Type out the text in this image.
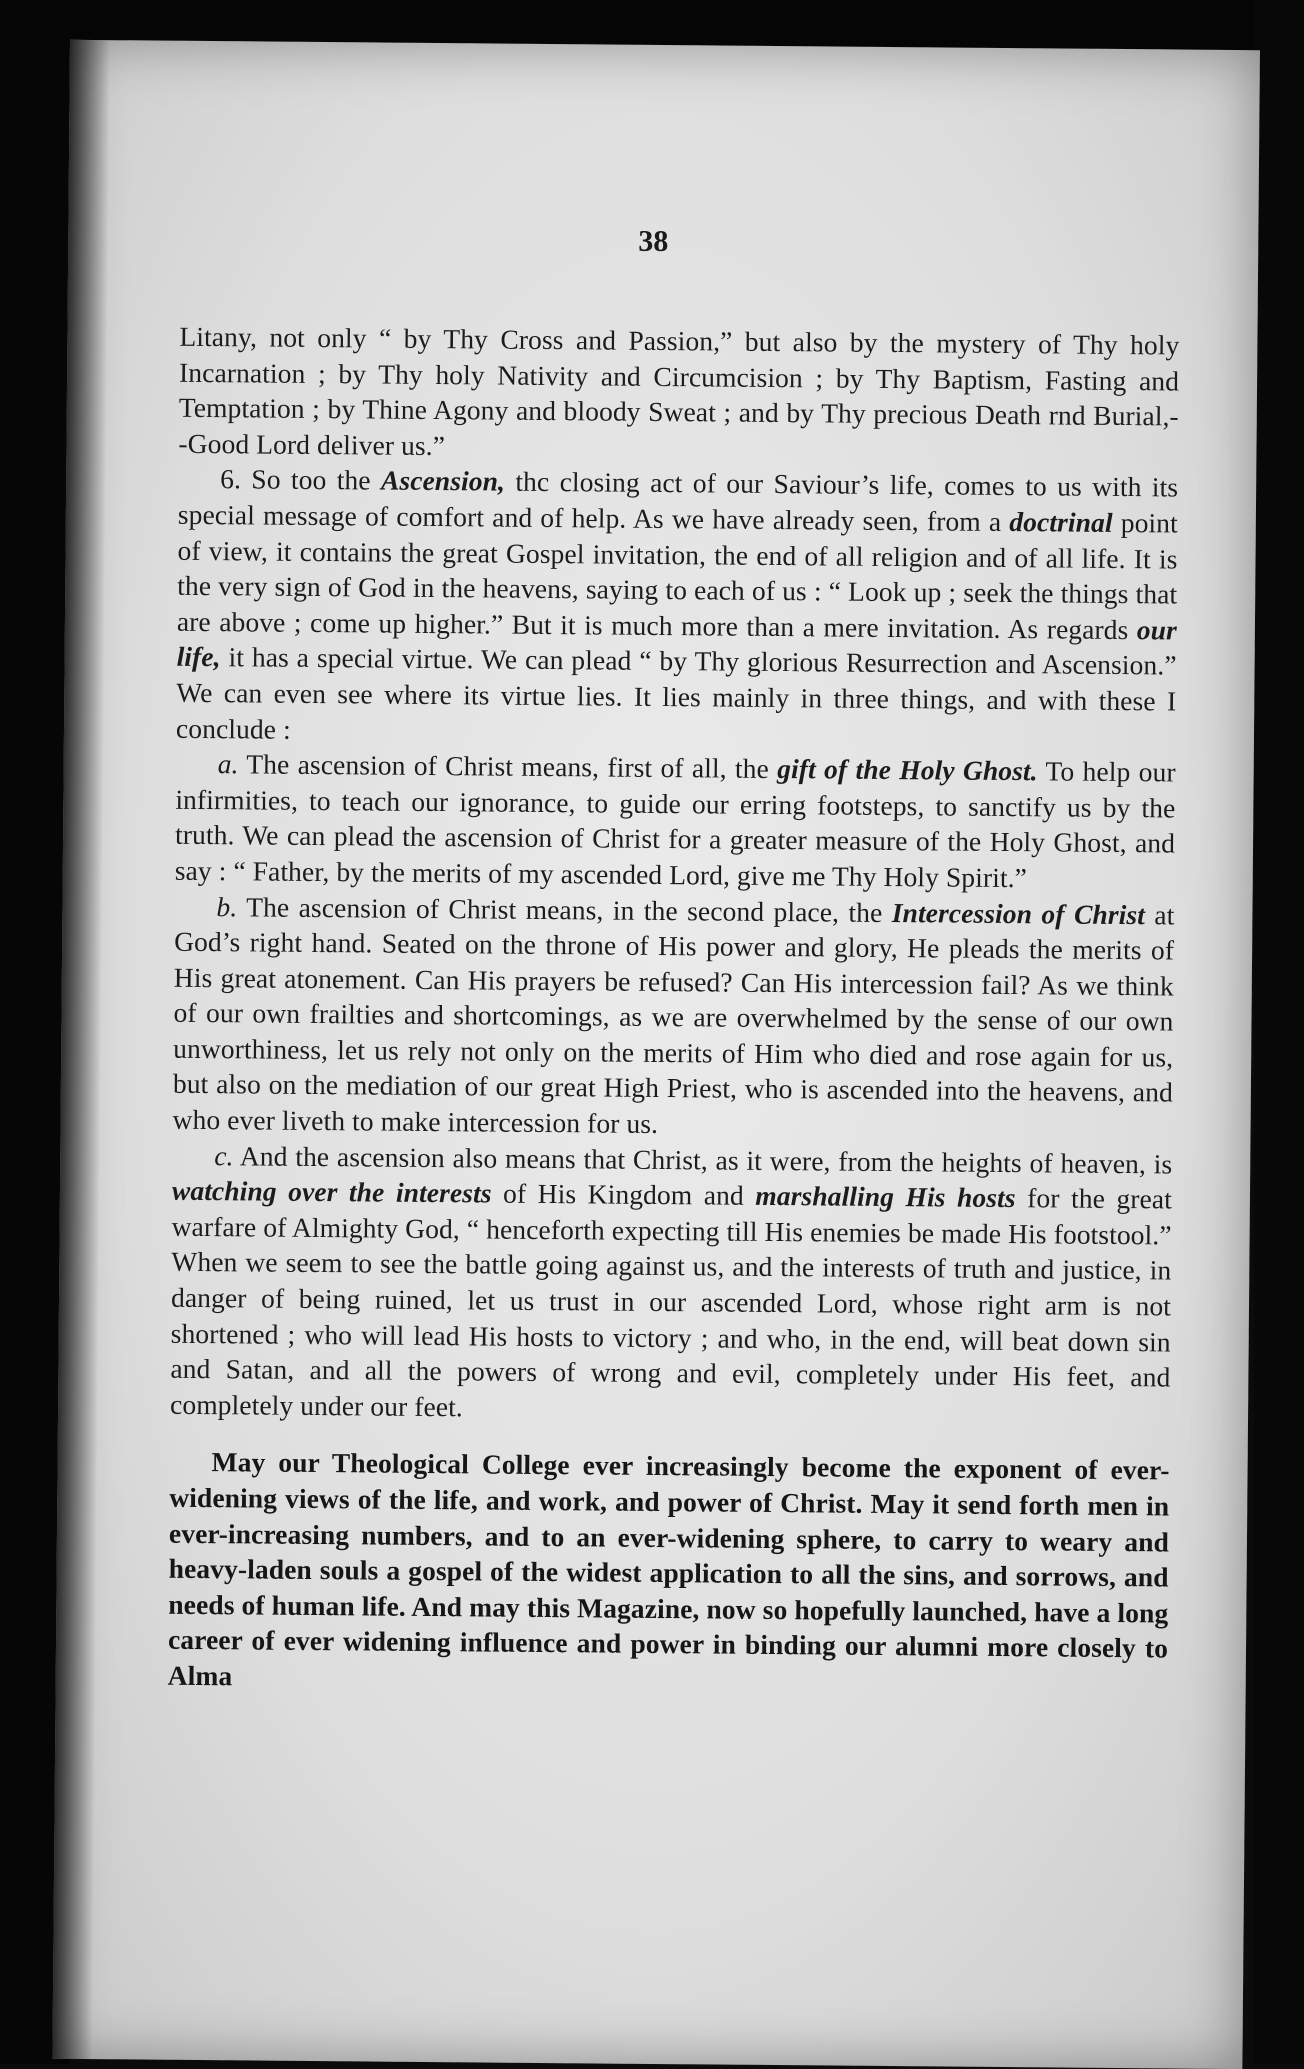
38

Litany, not only “ by Thy Cross and Passion,” but also by the mystery of Thy holy Incarnation ; by Thy holy Nativity and Circumcision ; by Thy Baptism, Fasting and Temptation ; by Thine Agony and bloody Sweat ; and by Thy precious Death rnd Burial,--Good Lord deliver us.”

6. So too the Ascension, thc closing act of our Saviour’s life, comes to us with its special message of comfort and of help. As we have already seen, from a doctrinal point of view, it contains the great Gospel invitation, the end of all religion and of all life. It is the very sign of God in the heavens, saying to each of us : “ Look up ; seek the things that are above ; come up higher.” But it is much more than a mere invitation. As regards our life, it has a special virtue. We can plead “ by Thy glorious Resurrection and Ascension.” We can even see where its virtue lies. It lies mainly in three things, and with these I conclude :

a. The ascension of Christ means, first of all, the gift of the Holy Ghost. To help our infirmities, to teach our ignorance, to guide our erring footsteps, to sanctify us by the truth. We can plead the ascension of Christ for a greater measure of the Holy Ghost, and say : “ Father, by the merits of my ascended Lord, give me Thy Holy Spirit.”

b. The ascension of Christ means, in the second place, the Intercession of Christ at God’s right hand. Seated on the throne of His power and glory, He pleads the merits of His great atonement. Can His prayers be refused? Can His intercession fail? As we think of our own frailties and shortcomings, as we are overwhelmed by the sense of our own unworthiness, let us rely not only on the merits of Him who died and rose again for us, but also on the mediation of our great High Priest, who is ascended into the heavens, and who ever liveth to make intercession for us.

c. And the ascension also means that Christ, as it were, from the heights of heaven, is watching over the interests of His Kingdom and marshalling His hosts for the great warfare of Almighty God, “ henceforth expecting till His enemies be made His footstool.” When we seem to see the battle going against us, and the interests of truth and justice, in danger of being ruined, let us trust in our ascended Lord, whose right arm is not shortened ; who will lead His hosts to victory ; and who, in the end, will beat down sin and Satan, and all the powers of wrong and evil, completely under His feet, and completely under our feet.

May our Theological College ever increasingly become the exponent of ever-widening views of the life, and work, and power of Christ. May it send forth men in ever-increasing numbers, and to an ever-widening sphere, to carry to weary and heavy-laden souls a gospel of the widest application to all the sins, and sorrows, and needs of human life. And may this Magazine, now so hopefully launched, have a long career of ever widening influence and power in binding our alumni more closely to Alma
